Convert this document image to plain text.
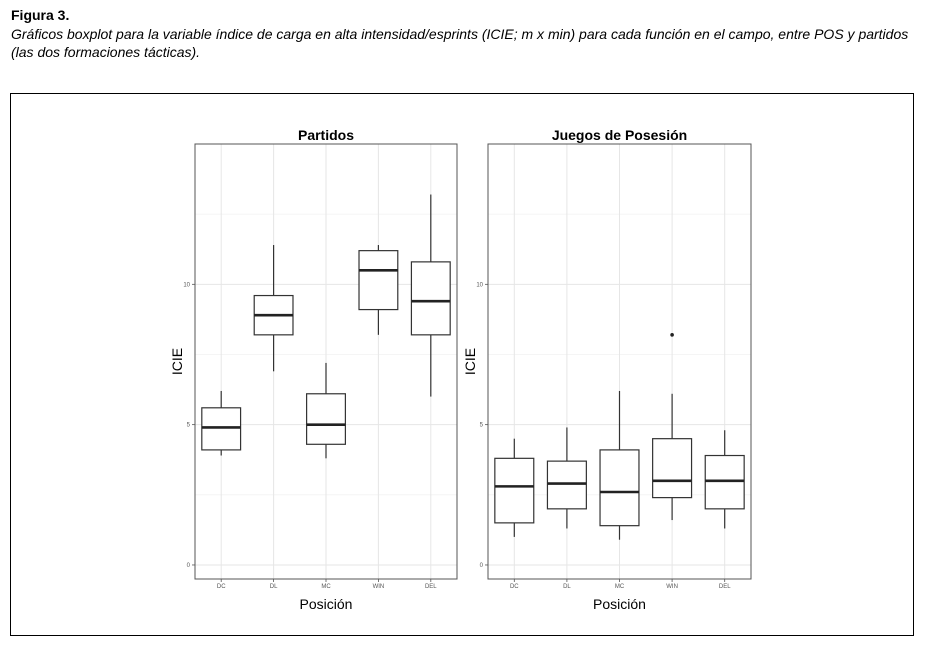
Figura 3.
Gráficos boxplot para la variable índice de carga en alta intensidad/esprints (ICIE; m x min) para cada función en el campo, entre POS y partidos (las dos formaciones tácticas).
0
5
10
DC	DL	MC	WIN	DEL
Partidos
Posición
ICIE
0
5
10
DC	DL	MC	WIN	DEL
Juegos de Posesión
Posición
ICIE
